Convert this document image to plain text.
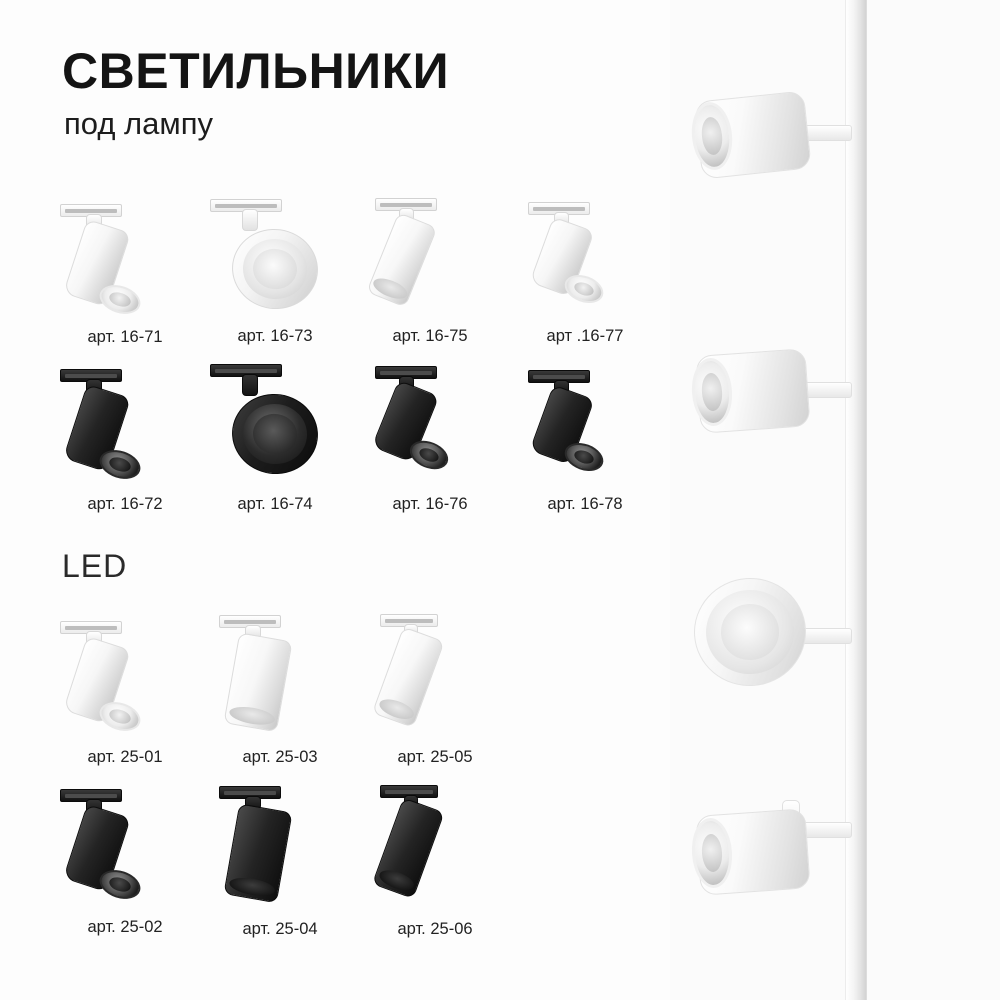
СВЕТИЛЬНИКИ
под лампу
арт. 16-71	арт. 16-73	арт. 16-75	арт .16-77
арт. 16-72	арт. 16-74	арт. 16-76	арт. 16-78
LED
арт. 25-01	арт. 25-03	арт. 25-05
арт. 25-02	арт. 25-04	арт. 25-06
